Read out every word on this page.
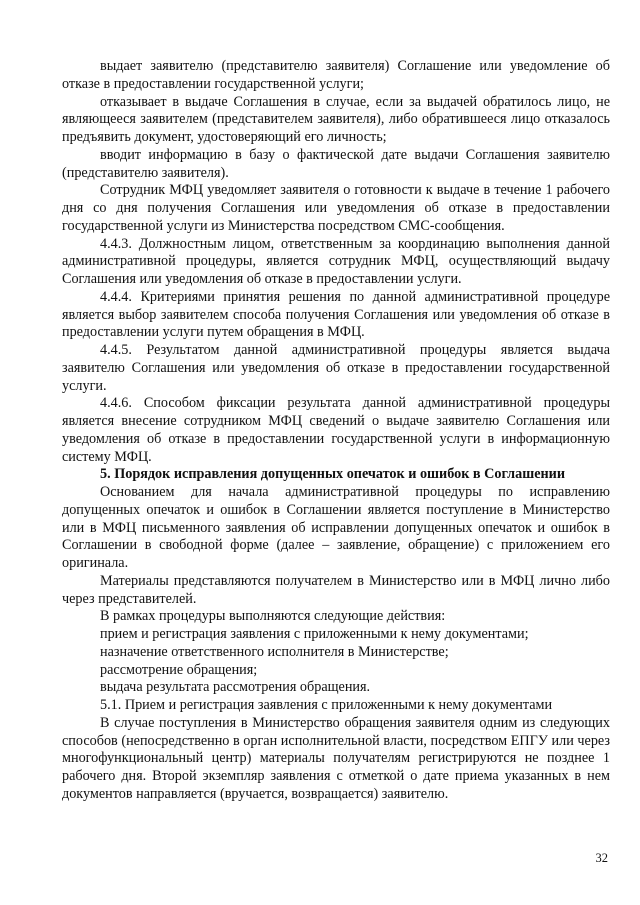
выдает заявителю (представителю заявителя) Соглашение или уведомление об отказе в предоставлении государственной услуги;

отказывает в выдаче Соглашения в случае, если за выдачей обратилось лицо, не являющееся заявителем (представителем заявителя), либо обратившееся лицо отказалось предъявить документ, удостоверяющий его личность;

вводит информацию в базу о фактической дате выдачи Соглашения заявителю (представителю заявителя).

Сотрудник МФЦ уведомляет заявителя о готовности к выдаче в течение 1 рабочего дня со дня получения Соглашения или уведомления об отказе в предоставлении государственной услуги из Министерства посредством СМС-сообщения.

4.4.3. Должностным лицом, ответственным за координацию выполнения данной административной процедуры, является сотрудник МФЦ, осуществляющий выдачу Соглашения или уведомления об отказе в предоставлении услуги.

4.4.4. Критериями принятия решения по данной административной процедуре является выбор заявителем способа получения Соглашения или уведомления об отказе в предоставлении услуги путем обращения в МФЦ.

4.4.5. Результатом данной административной процедуры является выдача заявителю Соглашения или уведомления об отказе в предоставлении государственной услуги.

4.4.6. Способом фиксации результата данной административной процедуры является внесение сотрудником МФЦ сведений о выдаче заявителю Соглашения или уведомления об отказе в предоставлении государственной услуги в информационную систему МФЦ.

5. Порядок исправления допущенных опечаток и ошибок в Соглашении

Основанием для начала административной процедуры по исправлению допущенных опечаток и ошибок в Соглашении является поступление в Министерство или в МФЦ письменного заявления об исправлении допущенных опечаток и ошибок в Соглашении в свободной форме (далее – заявление, обращение) с приложением его оригинала.

Материалы представляются получателем в Министерство или в МФЦ лично либо через представителей.

В рамках процедуры выполняются следующие действия:

прием и регистрация заявления с приложенными к нему документами;

назначение ответственного исполнителя в Министерстве;

рассмотрение обращения;

выдача результата рассмотрения обращения.

5.1. Прием и регистрация заявления с приложенными к нему документами

В случае поступления в Министерство обращения заявителя одним из следующих способов (непосредственно в орган исполнительной власти, посредством ЕПГУ или через многофункциональный центр) материалы получателям регистрируются не позднее 1 рабочего дня. Второй экземпляр заявления с отметкой о дате приема указанных в нем документов направляется (вручается, возвращается) заявителю.

32
